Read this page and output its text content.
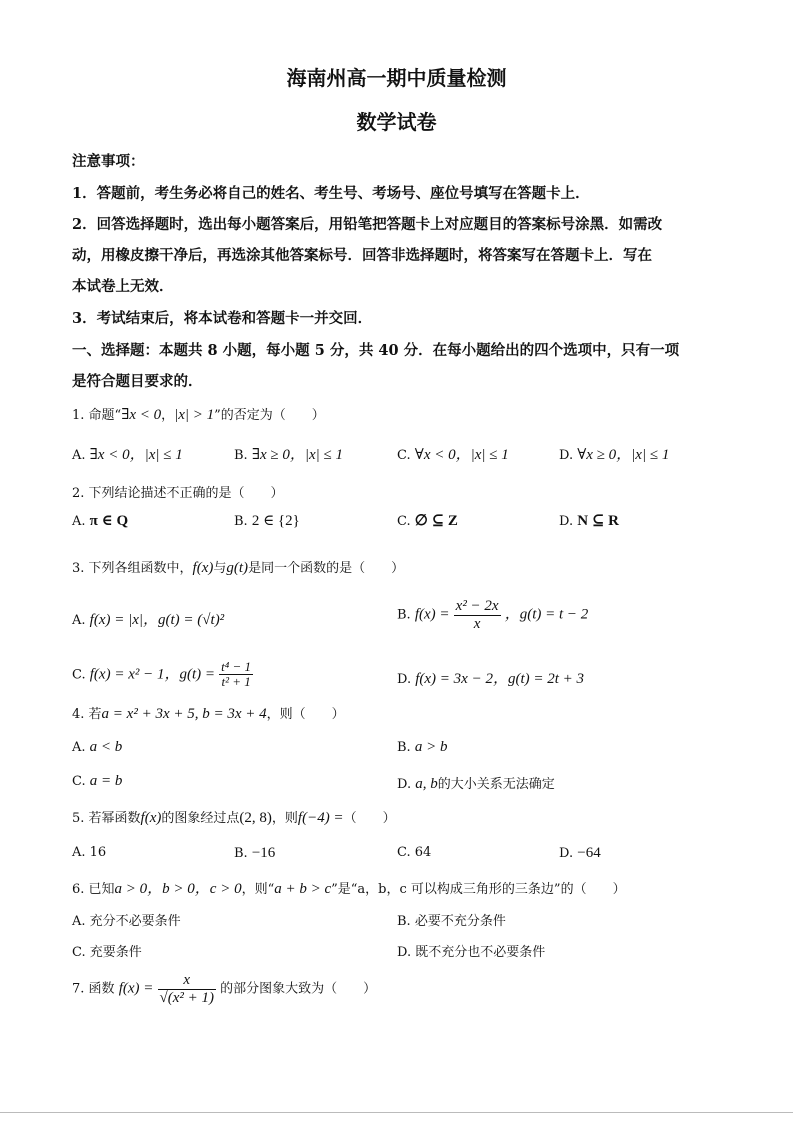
海南州高一期中质量检测
数学试卷
注意事项：
1．答题前，考生务必将自己的姓名、考生号、考场号、座位号填写在答题卡上．
2．回答选择题时，选出每小题答案后，用铅笔把答题卡上对应题目的答案标号涂黑．如需改
动，用橡皮擦干净后，再选涂其他答案标号．回答非选择题时，将答案写在答题卡上．写在
本试卷上无效．
3．考试结束后，将本试卷和答题卡一并交回．
一、选择题：本题共 8 小题，每小题 5 分，共 40 分．在每小题给出的四个选项中，只有一项
是符合题目要求的．
1. 命题“∃x < 0，|x| > 1”的否定为（　　）
A. ∃x < 0，|x| ≤ 1	B. ∃x ≥ 0，|x| ≤ 1	C. ∀x < 0，|x| ≤ 1	D. ∀x ≥ 0，|x| ≤ 1
2. 下列结论描述不正确的是（　　）
A. π ∈ Q	B. 2 ∈ {2}	C. ∅ ⊆ Z	D. N ⊆ R
3. 下列各组函数中，f(x)与g(t)是同一个函数的是（　　）
A. f(x) = |x|，g(t) = (√t)²	B. $f(x) = \frac{\text{x² − 2x}}{x}$ ，g(t) = t − 2
C. f(x) = x² − 1，$g(t) = \frac{\text{t⁴ − 1}}{\text{t² + 1}}$	D. f(x) = 3x − 2，g(t) = 2t + 3
4. 若a = x² + 3x + 5, b = 3x + 4，则（　　）
A. a < b	B. a > b
C. a = b	D. a, b的大小关系无法确定
5. 若幂函数f(x)的图象经过点(2, 8)，则f(−4) =（　　）
A. 16	B. −16	C. 64	D. −64
6. 已知a > 0，b > 0，c > 0，则“a + b > c”是“a，b，c 可以构成三角形的三条边”的（　　）
A. 充分不必要条件	B. 必要不充分条件
C. 充要条件	D. 既不充分也不必要条件
7. 函数 $f(x) = \frac{x}{\text{√(x² + 1)}}$ 的部分图象大致为（　　）
